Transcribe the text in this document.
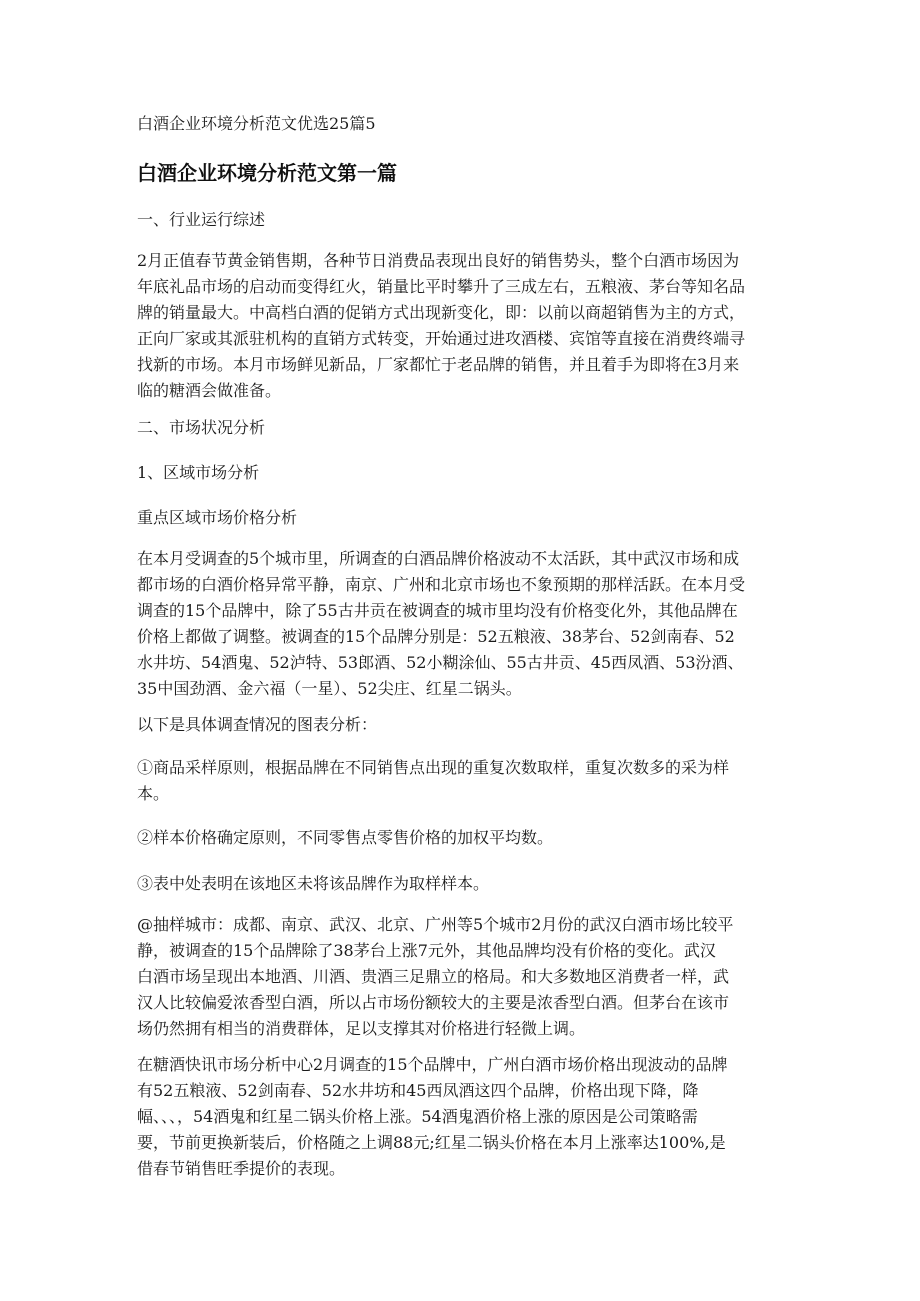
白酒企业环境分析范文优选25篇5
白酒企业环境分析范文第一篇

一、行业运行综述

2月正值春节黄金销售期，各种节日消费品表现出良好的销售势头，整个白酒市场因为
年底礼品市场的启动而变得红火，销量比平时攀升了三成左右，五粮液、茅台等知名品
牌的销量最大。中高档白酒的促销方式出现新变化，即：以前以商超销售为主的方式，
正向厂家或其派驻机构的直销方式转变，开始通过进攻酒楼、宾馆等直接在消费终端寻
找新的市场。本月市场鲜见新品，厂家都忙于老品牌的销售，并且着手为即将在3月来
临的糖酒会做准备。

二、市场状况分析

1、区域市场分析

重点区域市场价格分析

在本月受调查的5个城市里，所调查的白酒品牌价格波动不太活跃，其中武汉市场和成
都市场的白酒价格异常平静，南京、广州和北京市场也不象预期的那样活跃。在本月受
调查的15个品牌中，除了55古井贡在被调查的城市里均没有价格变化外，其他品牌在
价格上都做了调整。被调查的15个品牌分别是：52五粮液、38茅台、52剑南春、52
水井坊、54酒鬼、52泸特、53郎酒、52小糊涂仙、55古井贡、45西凤酒、53汾酒、
35中国劲酒、金六福（一星）、52尖庄、红星二锅头。

以下是具体调查情况的图表分析：

①商品采样原则，根据品牌在不同销售点出现的重复次数取样，重复次数多的采为样
本。

②样本价格确定原则，不同零售点零售价格的加权平均数。

③表中处表明在该地区未将该品牌作为取样样本。

@抽样城市：成都、南京、武汉、北京、广州等5个城市2月份的武汉白酒市场比较平
静，被调查的15个品牌除了38茅台上涨7元外，其他品牌均没有价格的变化。武汉
白酒市场呈现出本地酒、川酒、贵酒三足鼎立的格局。和大多数地区消费者一样，武
汉人比较偏爱浓香型白酒，所以占市场份额较大的主要是浓香型白酒。但茅台在该市
场仍然拥有相当的消费群体，足以支撑其对价格进行轻微上调。
在糖酒快讯市场分析中心2月调查的15个品牌中，广州白酒市场价格出现波动的品牌
有52五粮液、52剑南春、52水井坊和45西凤酒这四个品牌，价格出现下降，降
幅、、、，54酒鬼和红星二锅头价格上涨。54酒鬼酒价格上涨的原因是公司策略需
要，节前更换新装后，价格随之上调88元;红星二锅头价格在本月上涨率达100%,是
借春节销售旺季提价的表现。
